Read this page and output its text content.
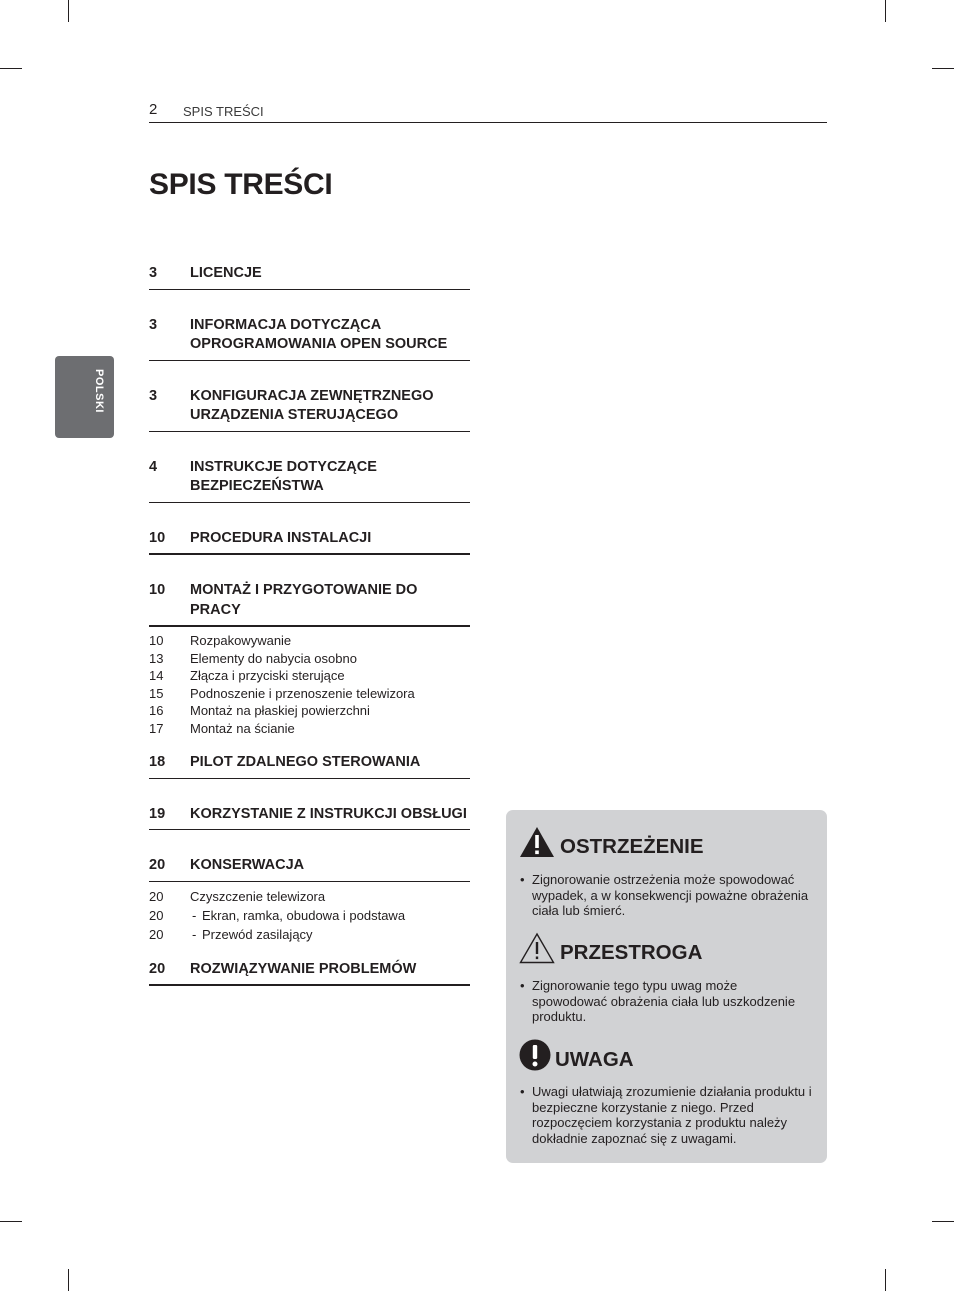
2 SPIS TREŚCI
POLSKI
SPIS TREŚCI
3 LICENCJE
3 INFORMACJA DOTYCZĄCA OPROGRAMOWANIA OPEN SOURCE
3 KONFIGURACJA ZEWNĘTRZNEGO URZĄDZENIA STERUJĄCEGO
4 INSTRUKCJE DOTYCZĄCE BEZPIECZEŃSTWA
10 PROCEDURA INSTALACJI
10 MONTAŻ I PRZYGOTOWANIE DO PRACY
10 Rozpakowywanie
13 Elementy do nabycia osobno
14 Złącza i przyciski sterujące
15 Podnoszenie i przenoszenie telewizora
16 Montaż na płaskiej powierzchni
17 Montaż na ścianie
18 PILOT ZDALNEGO STEROWANIA
19 KORZYSTANIE Z INSTRUKCJI OBSŁUGI
20 KONSERWACJA
20 Czyszczenie telewizora
20 - Ekran, ramka, obudowa i podstawa
20 - Przewód zasilający
20 ROZWIĄZYWANIE PROBLEMÓW
OSTRZEŻENIE
• Zignorowanie ostrzeżenia może spowodować wypadek, a w konsekwencji poważne obrażenia ciała lub śmierć.
PRZESTROGA
• Zignorowanie tego typu uwag może spowodować obrażenia ciała lub uszkodzenie produktu.
UWAGA
• Uwagi ułatwiają zrozumienie działania produktu i bezpieczne korzystanie z niego. Przed rozpoczęciem korzystania z produktu należy dokładnie zapoznać się z uwagami.
